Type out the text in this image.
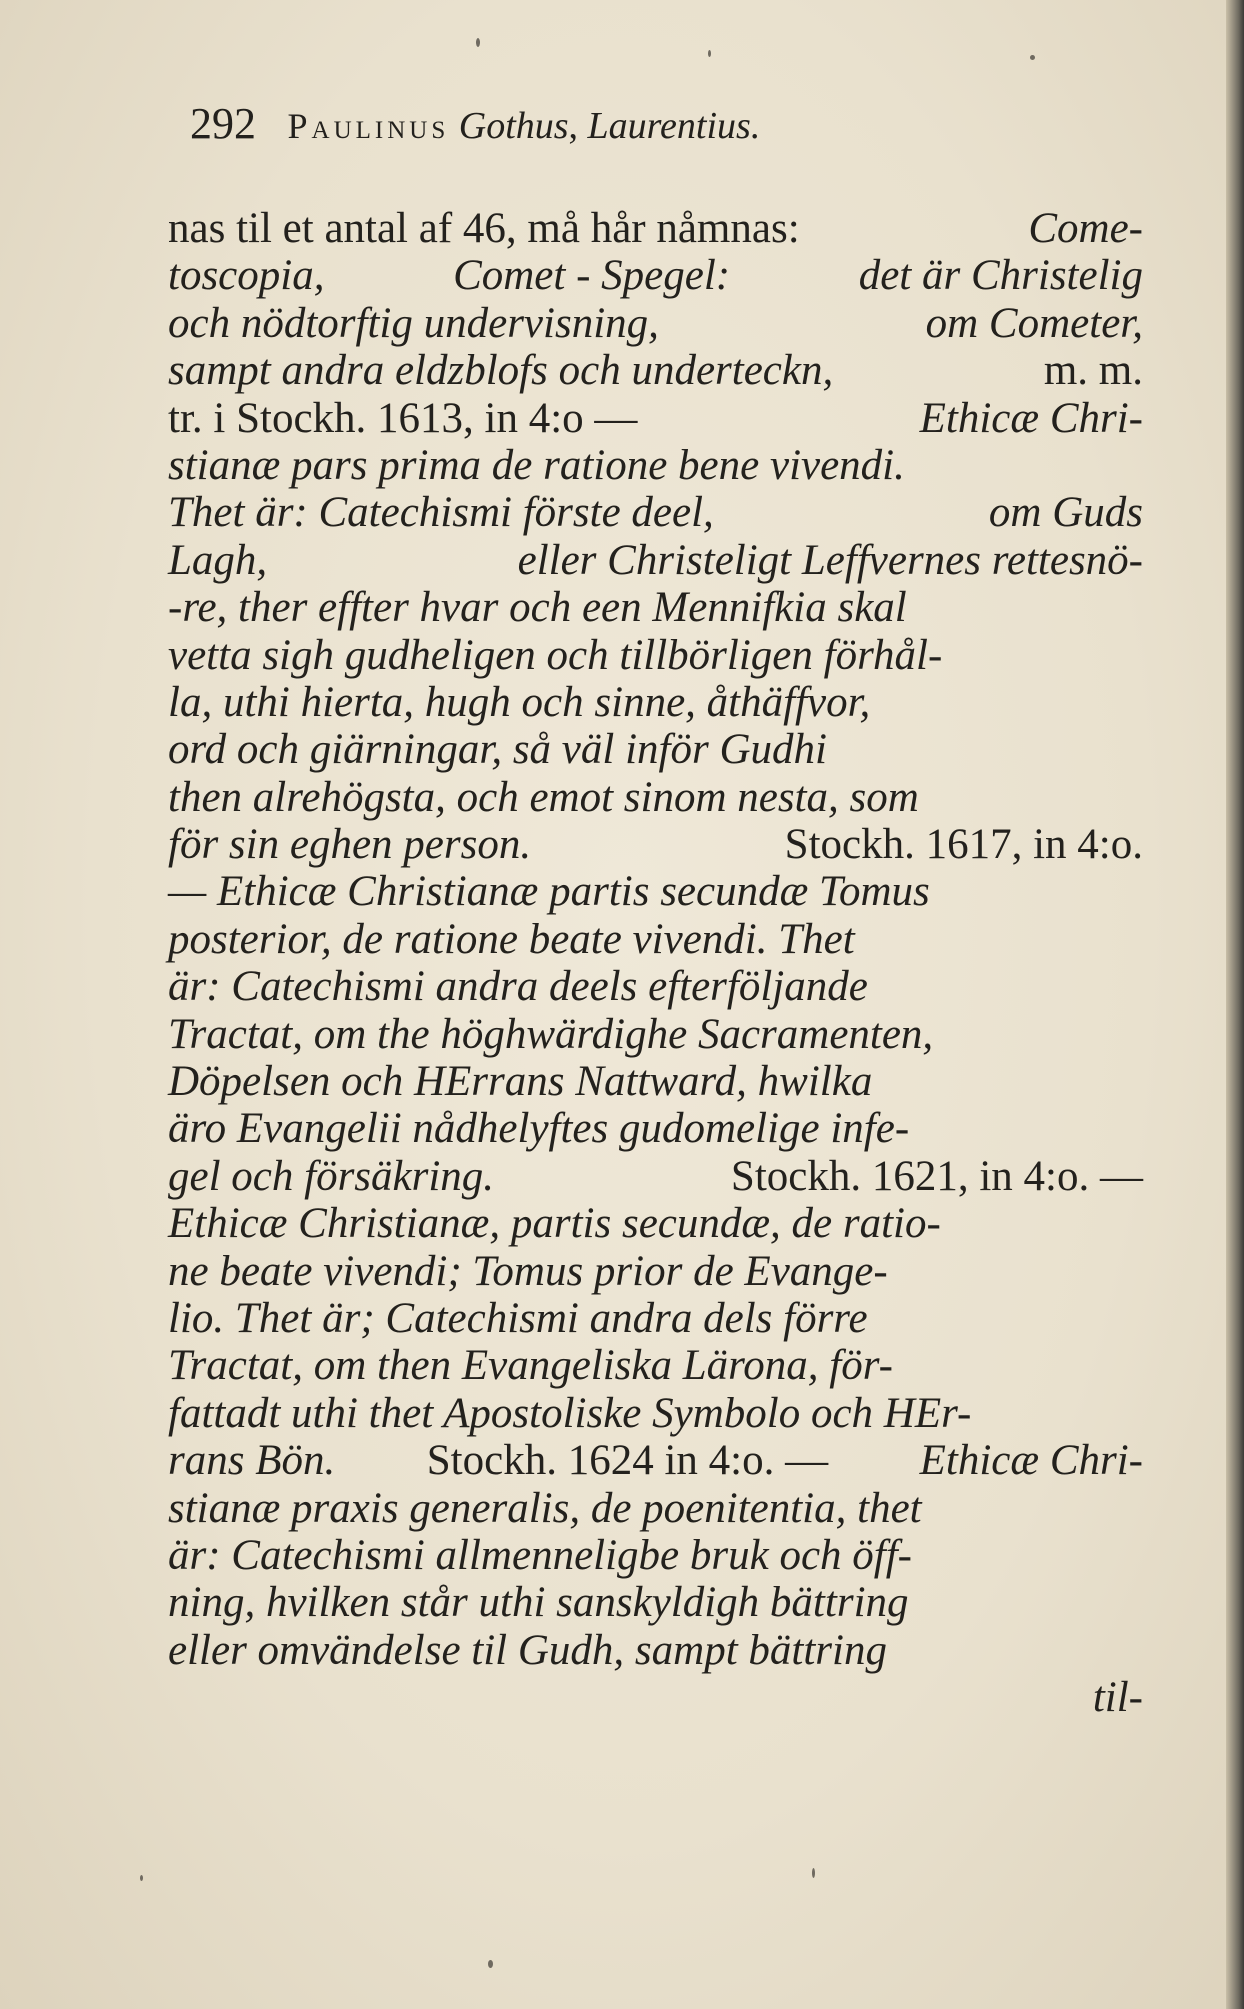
292 Paulinus Gothus, Laurentius.
nas til et antal af 46, må hår nåmnas:	Come-
toscopia,	Comet - Spegel:	det är Christelig
och nödtorftig undervisning,	om Cometer,
sampt andra eldzblofs och underteckn,	m. m.
tr. i Stockh. 1613, in 4:o —	Ethicæ Chri-
stianæ pars prima de ratione bene vivendi.
Thet är: Catechismi förste deel,	om Guds
Lagh,	eller Christeligt Leffvernes rettesnö-
-re, ther effter hvar och een Mennifkia skal
vetta sigh gudheligen och tillbörligen förhål-
la, uthi hierta, hugh och sinne, åthäffvor,
ord och giärningar, så väl inför Gudhi
then alrehögsta, och emot sinom nesta, som
för sin eghen person.	Stockh. 1617, in 4:o.
— Ethicæ Christianæ partis secundæ Tomus
posterior, de ratione beate vivendi. Thet
är: Catechismi andra deels efterföljande
Tractat, om the höghwärdighe Sacramenten,
Döpelsen och HErrans Nattward, hwilka
äro Evangelii nådhelyftes gudomelige infe-
gel och försäkring.	Stockh. 1621, in 4:o. —
Ethicæ Christianæ, partis secundæ, de ratio-
ne beate vivendi; Tomus prior de Evange-
lio. Thet är; Catechismi andra dels förre
Tractat, om then Evangeliska Lärona, för-
fattadt uthi thet Apostoliske Symbolo och HEr-
rans Bön. Stockh. 1624 in 4:o. — Ethicæ Chri-
stianæ praxis generalis, de poenitentia, thet
är: Catechismi allmenneligbe bruk och öff-
ning, hvilken står uthi sanskyldigh bättring
eller omvändelse til Gudh, sampt bättring
til-
